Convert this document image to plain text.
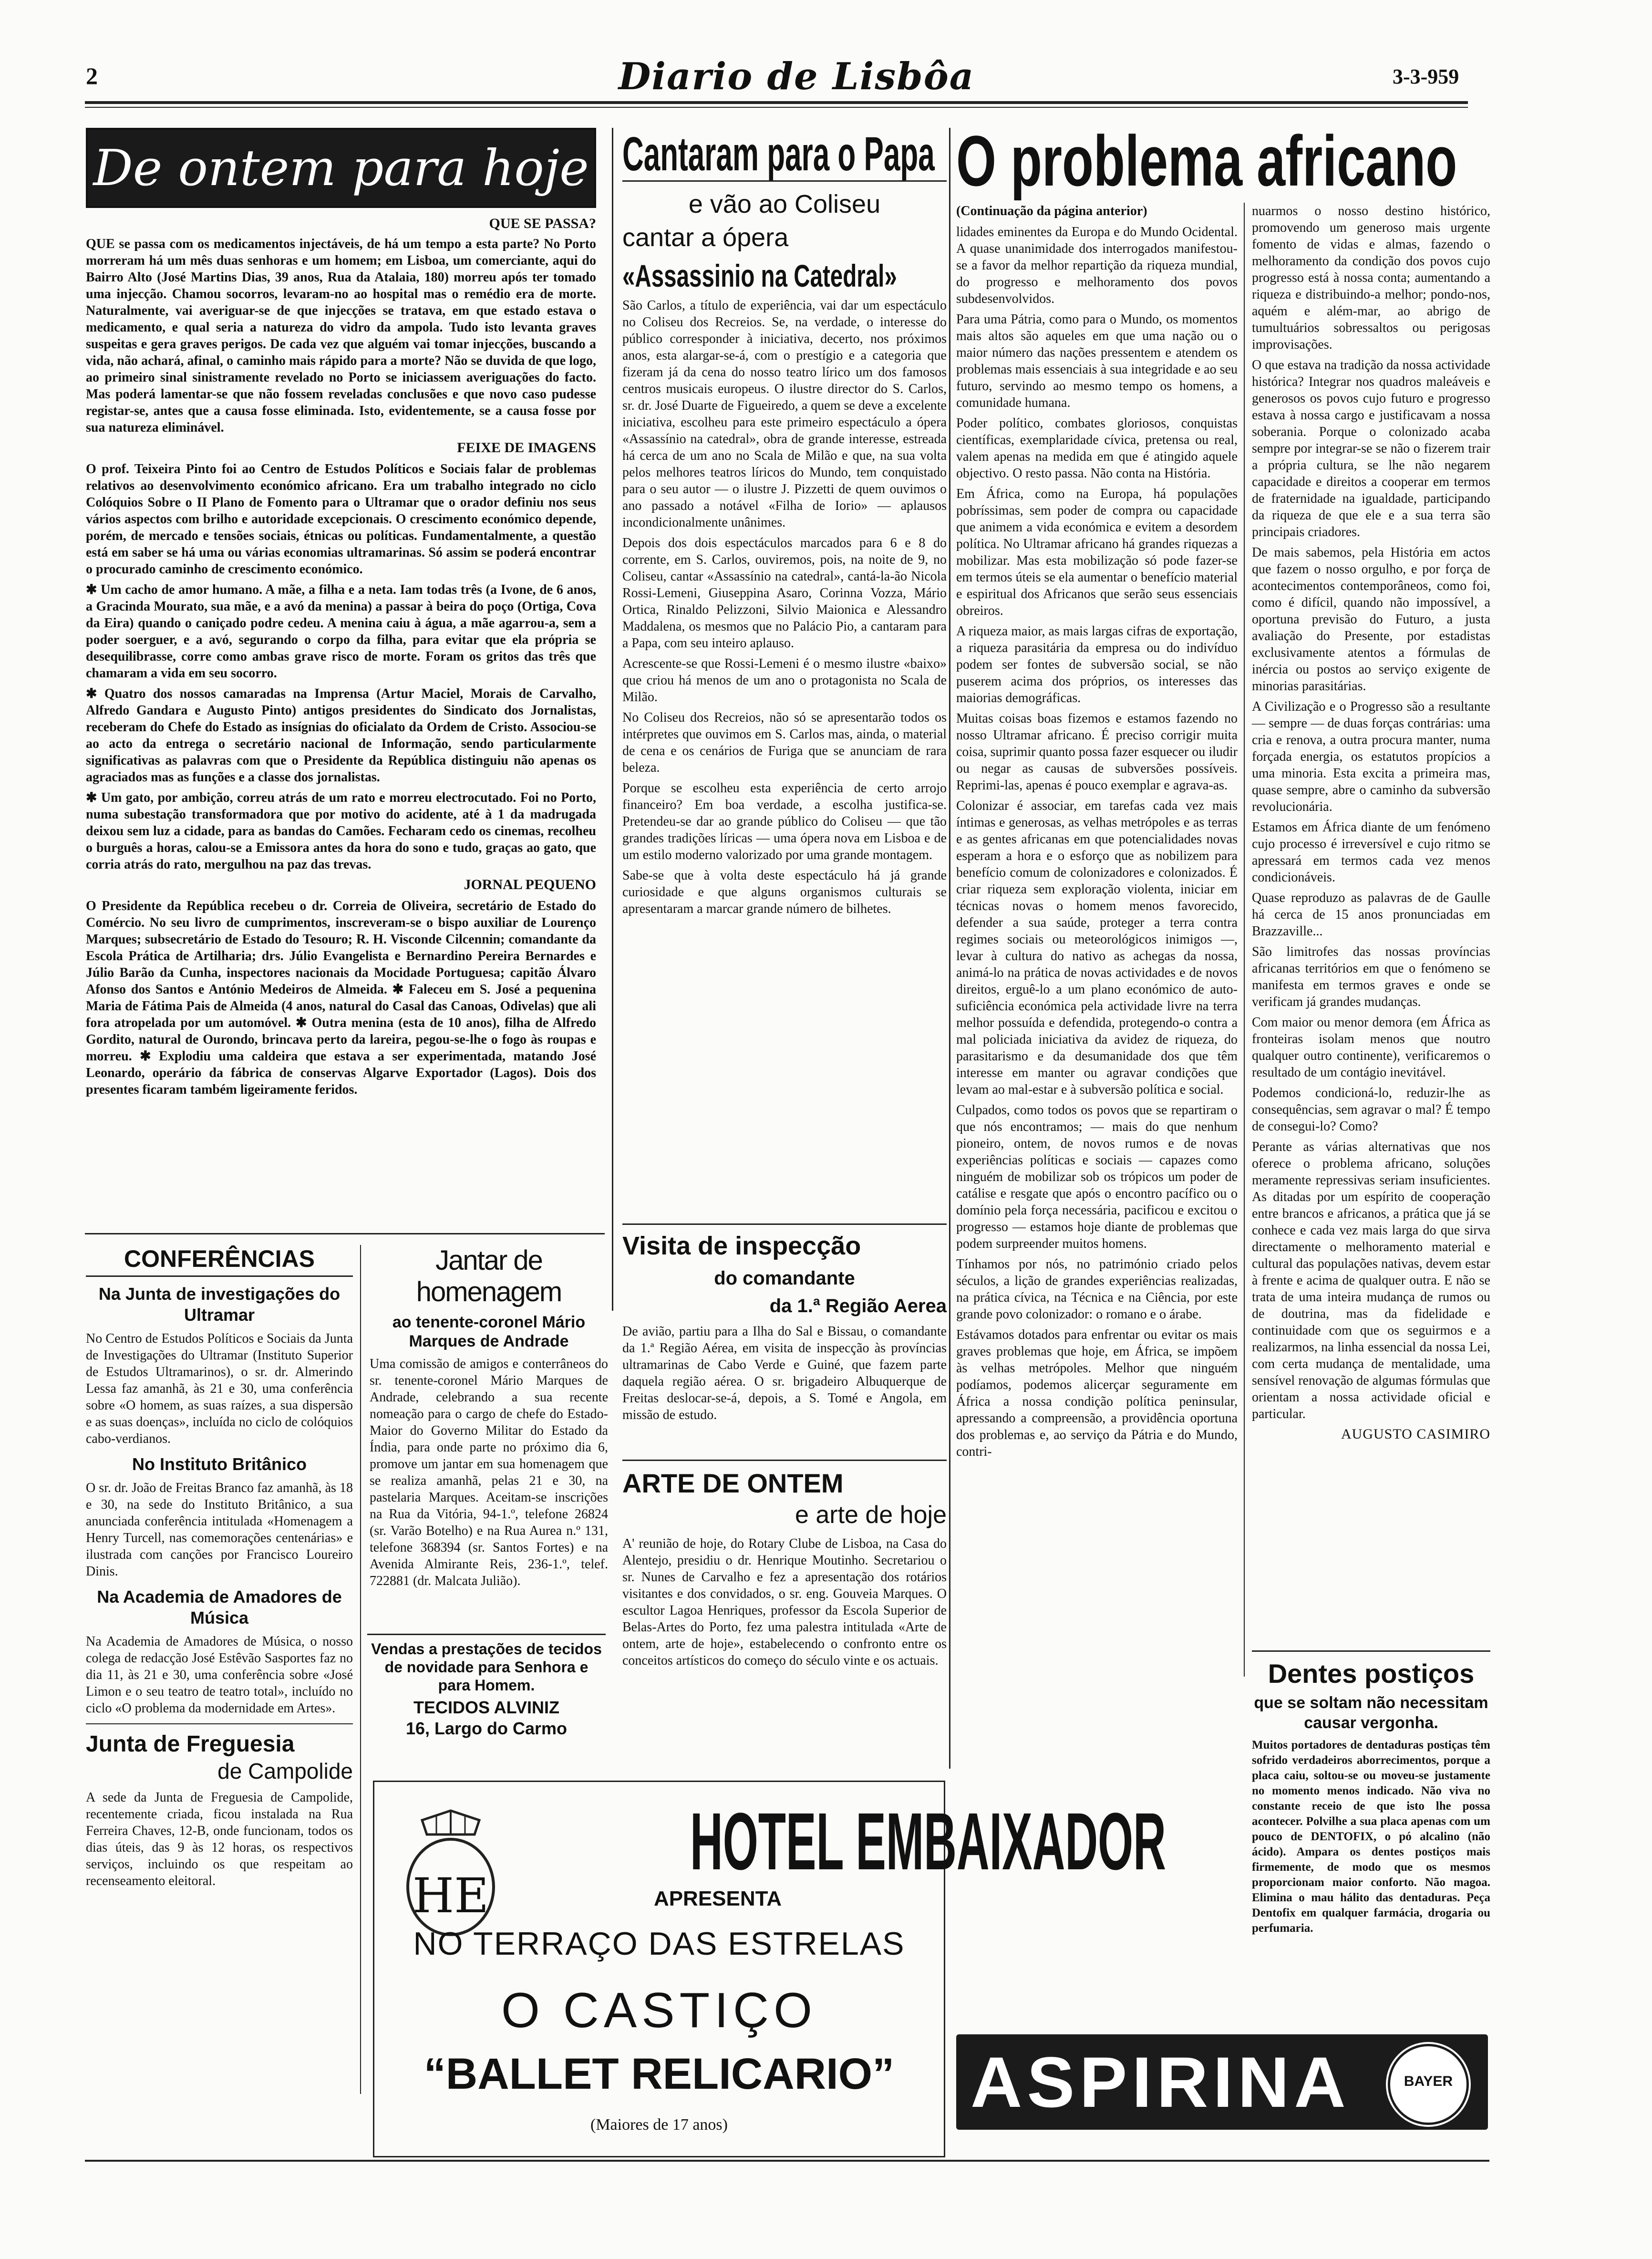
2	Diario de Lisbôa	3-3-959
De ontem para hoje
QUE SE PASSA?

QUE se passa com os medicamentos injectáveis, de há um tempo a esta parte? No Porto morreram há um mês duas senhoras e um homem; em Lisboa, um comerciante, aqui do Bairro Alto (José Martins Dias, 39 anos, Rua da Atalaia, 180) morreu após ter tomado uma injecção. Chamou socorros, levaram-no ao hospital mas o remédio era de morte. Naturalmente, vai averiguar-se de que injecções se tratava, em que estado estava o medicamento, e qual seria a natureza do vidro da ampola. Tudo isto levanta graves suspeitas e gera graves perigos. De cada vez que alguém vai tomar injecções, buscando a vida, não achará, afinal, o caminho mais rápido para a morte? Não se duvida de que logo, ao primeiro sinal sinistramente revelado no Porto se iniciassem averiguações do facto. Mas poderá lamentar-se que não fossem reveladas conclusões e que novo caso pudesse registar-se, antes que a causa fosse eliminada. Isto, evidentemente, se a causa fosse por sua natureza eliminável.

FEIXE DE IMAGENS

O prof. Teixeira Pinto foi ao Centro de Estudos Políticos e Sociais falar de problemas relativos ao desenvolvimento económico africano. Era um trabalho integrado no ciclo Colóquios Sobre o II Plano de Fomento para o Ultramar que o orador definiu nos seus vários aspectos com brilho e autoridade excepcionais. O crescimento económico depende, porém, de mercado e tensões sociais, étnicas ou políticas. Fundamentalmente, a questão está em saber se há uma ou várias economias ultramarinas. Só assim se poderá encontrar o procurado caminho de crescimento económico.

✱ Um cacho de amor humano. A mãe, a filha e a neta. Iam todas três (a Ivone, de 6 anos, a Gracinda Mourato, sua mãe, e a avó da menina) a passar à beira do poço (Ortiga, Cova da Eira) quando o caniçado podre cedeu. A menina caiu à água, a mãe agarrou-a, sem a poder soerguer, e a avó, segurando o corpo da filha, para evitar que ela própria se desequilibrasse, corre como ambas grave risco de morte. Foram os gritos das três que chamaram a vida em seu socorro.

✱ Quatro dos nossos camaradas na Imprensa (Artur Maciel, Morais de Carvalho, Alfredo Gandara e Augusto Pinto) antigos presidentes do Sindicato dos Jornalistas, receberam do Chefe do Estado as insígnias do oficialato da Ordem de Cristo. Associou-se ao acto da entrega o secretário nacional de Informação, sendo particularmente significativas as palavras com que o Presidente da República distinguiu não apenas os agraciados mas as funções e a classe dos jornalistas.

✱ Um gato, por ambição, correu atrás de um rato e morreu electrocutado. Foi no Porto, numa subestação transformadora que por motivo do acidente, até à 1 da madrugada deixou sem luz a cidade, para as bandas do Camões. Fecharam cedo os cinemas, recolheu o burguês a horas, calou-se a Emissora antes da hora do sono e tudo, graças ao gato, que corria atrás do rato, mergulhou na paz das trevas.

JORNAL PEQUENO

O Presidente da República recebeu o dr. Correia de Oliveira, secretário de Estado do Comércio. No seu livro de cumprimentos, inscreveram-se o bispo auxiliar de Lourenço Marques; subsecretário de Estado do Tesouro; R. H. Visconde Cilcennin; comandante da Escola Prática de Artilharia; drs. Júlio Evangelista e Bernardino Pereira Bernardes e Júlio Barão da Cunha, inspectores nacionais da Mocidade Portuguesa; capitão Álvaro Afonso dos Santos e António Medeiros de Almeida. ✱ Faleceu em S. José a pequenina Maria de Fátima Pais de Almeida (4 anos, natural do Casal das Canoas, Odivelas) que ali fora atropelada por um automóvel. ✱ Outra menina (esta de 10 anos), filha de Alfredo Gordito, natural de Ourondo, brincava perto da lareira, pegou-se-lhe o fogo às roupas e morreu. ✱ Explodiu uma caldeira que estava a ser experimentada, matando José Leonardo, operário da fábrica de conservas Algarve Exportador (Lagos). Dois dos presentes ficaram também ligeiramente feridos.

CONFERÊNCIAS
Na Junta de investigações do Ultramar

No Centro de Estudos Políticos e Sociais da Junta de Investigações do Ultramar (Instituto Superior de Estudos Ultramarinos), o sr. dr. Almerindo Lessa faz amanhã, às 21 e 30, uma conferência sobre «O homem, as suas raízes, a sua dispersão e as suas doenças», incluída no ciclo de colóquios cabo-verdianos.

No Instituto Britânico

O sr. dr. João de Freitas Branco faz amanhã, às 18 e 30, na sede do Instituto Britânico, a sua anunciada conferência intitulada «Homenagem a Henry Turcell, nas comemorações centenárias» e ilustrada com canções por Francisco Loureiro Dinis.

Na Academia de Amadores de Música

Na Academia de Amadores de Música, o nosso colega de redacção José Estêvão Sasportes faz no dia 11, às 21 e 30, uma conferência sobre «José Limon e o seu teatro de teatro total», incluído no ciclo «O problema da modernidade em Artes».

Junta de Freguesia
de Campolide

A sede da Junta de Freguesia de Campolide, recentemente criada, ficou instalada na Rua Ferreira Chaves, 12-B, onde funcionam, todos os dias úteis, das 9 às 12 horas, os respectivos serviços, incluindo os que respeitam ao recenseamento eleitoral.

Jantar de homenagem
ao tenente-coronel Mário Marques de Andrade

Uma comissão de amigos e conterrâneos do sr. tenente-coronel Mário Marques de Andrade, celebrando a sua recente nomeação para o cargo de chefe do Estado-Maior do Governo Militar do Estado da Índia, para onde parte no próximo dia 6, promove um jantar em sua homenagem que se realiza amanhã, pelas 21 e 30, na pastelaria Marques. Aceitam-se inscrições na Rua da Vitória, 94-1.º, telefone 26824 (sr. Varão Botelho) e na Rua Aurea n.º 131, telefone 368394 (sr. Santos Fortes) e na Avenida Almirante Reis, 236-1.º, telef. 722881 (dr. Malcata Julião).

Vendas a prestações de tecidos de novidade para Senhora e para Homem.
TECIDOS ALVINIZ
16, Largo do Carmo
Cantaram para o Papa
e vão ao Coliseu
cantar a ópera
«Assassinio na Catedral»

São Carlos, a título de experiência, vai dar um espectáculo no Coliseu dos Recreios. Se, na verdade, o interesse do público corresponder à iniciativa, decerto, nos próximos anos, esta alargar-se-á, com o prestígio e a categoria que fizeram já da cena do nosso teatro lírico um dos famosos centros musicais europeus. O ilustre director do S. Carlos, sr. dr. José Duarte de Figueiredo, a quem se deve a excelente iniciativa, escolheu para este primeiro espectáculo a ópera «Assassínio na catedral», obra de grande interesse, estreada há cerca de um ano no Scala de Milão e que, na sua volta pelos melhores teatros líricos do Mundo, tem conquistado para o seu autor — o ilustre J. Pizzetti de quem ouvimos o ano passado a notável «Filha de Iorio» — aplausos incondicionalmente unânimes.

Depois dos dois espectáculos marcados para 6 e 8 do corrente, em S. Carlos, ouviremos, pois, na noite de 9, no Coliseu, cantar «Assassínio na catedral», cantá-la-ão Nicola Rossi-Lemeni, Giuseppina Asaro, Corinna Vozza, Mário Ortica, Rinaldo Pelizzoni, Silvio Maionica e Alessandro Maddalena, os mesmos que no Palácio Pio, a cantaram para a Papa, com seu inteiro aplauso.

Acrescente-se que Rossi-Lemeni é o mesmo ilustre «baixo» que criou há menos de um ano o protagonista no Scala de Milão.

No Coliseu dos Recreios, não só se apresentarão todos os intérpretes que ouvimos em S. Carlos mas, ainda, o material de cena e os cenários de Furiga que se anunciam de rara beleza.

Porque se escolheu esta experiência de certo arrojo financeiro? Em boa verdade, a escolha justifica-se. Pretendeu-se dar ao grande público do Coliseu — que tão grandes tradições líricas — uma ópera nova em Lisboa e de um estilo moderno valorizado por uma grande montagem.

Sabe-se que à volta deste espectáculo há já grande curiosidade e que alguns organismos culturais se apresentaram a marcar grande número de bilhetes.

Visita de inspecção
do comandante
da 1.ª Região Aerea

De avião, partiu para a Ilha do Sal e Bissau, o comandante da 1.ª Região Aérea, em visita de inspecção às províncias ultramarinas de Cabo Verde e Guiné, que fazem parte daquela região aérea. O sr. brigadeiro Albuquerque de Freitas deslocar-se-á, depois, a S. Tomé e Angola, em missão de estudo.

ARTE DE ONTEM
e arte de hoje

A' reunião de hoje, do Rotary Clube de Lisboa, na Casa do Alentejo, presidiu o dr. Henrique Moutinho. Secretariou o sr. Nunes de Carvalho e fez a apresentação dos rotários visitantes e dos convidados, o sr. eng. Gouveia Marques. O escultor Lagoa Henriques, professor da Escola Superior de Belas-Artes do Porto, fez uma palestra intitulada «Arte de ontem, arte de hoje», estabelecendo o confronto entre os conceitos artísticos do começo do século vinte e os actuais.

HE
HOTEL EMBAIXADOR
APRESENTA
NO TERRAÇO DAS ESTRELAS
O CASTIÇO
“BALLET RELICARIO”
(Maiores de 17 anos)
O problema africano
(Continuação da página anterior)

lidades eminentes da Europa e do Mundo Ocidental. A quase unanimidade dos interrogados manifestou-se a favor da melhor repartição da riqueza mundial, do progresso e melhoramento dos povos subdesenvolvidos.

Para uma Pátria, como para o Mundo, os momentos mais altos são aqueles em que uma nação ou o maior número das nações pressentem e atendem os problemas mais essenciais à sua integridade e ao seu futuro, servindo ao mesmo tempo os homens, a comunidade humana.

Poder político, combates gloriosos, conquistas científicas, exemplaridade cívica, pretensa ou real, valem apenas na medida em que é atingido aquele objectivo. O resto passa. Não conta na História.

Em África, como na Europa, há populações pobríssimas, sem poder de compra ou capacidade que animem a vida económica e evitem a desordem política. No Ultramar africano há grandes riquezas a mobilizar. Mas esta mobilização só pode fazer-se em termos úteis se ela aumentar o benefício material e espiritual dos Africanos que serão seus essenciais obreiros.

A riqueza maior, as mais largas cifras de exportação, a riqueza parasitária da empresa ou do indivíduo podem ser fontes de subversão social, se não puserem acima dos próprios, os interesses das maiorias demográficas.

Muitas coisas boas fizemos e estamos fazendo no nosso Ultramar africano. É preciso corrigir muita coisa, suprimir quanto possa fazer esquecer ou iludir ou negar as causas de subversões possíveis. Reprimi-las, apenas é pouco exemplar e agrava-as.

Colonizar é associar, em tarefas cada vez mais íntimas e generosas, as velhas metrópoles e as terras e as gentes africanas em que potencialidades novas esperam a hora e o esforço que as nobilizem para benefício comum de colonizadores e colonizados. É criar riqueza sem exploração violenta, iniciar em técnicas novas o homem menos favorecido, defender a sua saúde, proteger a terra contra regimes sociais ou meteorológicos inimigos —, levar à cultura do nativo as achegas da nossa, animá-lo na prática de novas actividades e de novos direitos, erguê-lo a um plano económico de auto-suficiência económica pela actividade livre na terra melhor possuída e defendida, protegendo-o contra a mal policiada iniciativa da avidez de riqueza, do parasitarismo e da desumanidade dos que têm interesse em manter ou agravar condições que levam ao mal-estar e à subversão política e social.

Culpados, como todos os povos que se repartiram o que nós encontramos; — mais do que nenhum pioneiro, ontem, de novos rumos e de novas experiências políticas e sociais — capazes como ninguém de mobilizar sob os trópicos um poder de catálise e resgate que após o encontro pacífico ou o domínio pela força necessária, pacificou e excitou o progresso — estamos hoje diante de problemas que podem surpreender muitos homens.

Tínhamos por nós, no património criado pelos séculos, a lição de grandes experiências realizadas, na prática cívica, na Técnica e na Ciência, por este grande povo colonizador: o romano e o árabe.

Estávamos dotados para enfrentar ou evitar os mais graves problemas que hoje, em África, se impõem às velhas metrópoles. Melhor que ninguém podíamos, podemos alicerçar seguramente em África a nossa condição política peninsular, apressando a compreensão, a providência oportuna dos problemas e, ao serviço da Pátria e do Mundo, contri-

nuarmos o nosso destino histórico, promovendo um generoso mais urgente fomento de vidas e almas, fazendo o melhoramento da condição dos povos cujo progresso está à nossa conta; aumentando a riqueza e distribuindo-a melhor; pondo-nos, aquém e além-mar, ao abrigo de tumultuários sobressaltos ou perigosas improvisações.

O que estava na tradição da nossa actividade histórica? Integrar nos quadros maleáveis e generosos os povos cujo futuro e progresso estava à nossa cargo e justificavam a nossa soberania. Porque o colonizado acaba sempre por integrar-se se não o fizerem trair a própria cultura, se lhe não negarem capacidade e direitos a cooperar em termos de fraternidade na igualdade, participando da riqueza de que ele e a sua terra são principais criadores.

De mais sabemos, pela História em actos que fazem o nosso orgulho, e por força de acontecimentos contemporâneos, como foi, como é difícil, quando não impossível, a oportuna previsão do Futuro, a justa avaliação do Presente, por estadistas exclusivamente atentos a fórmulas de inércia ou postos ao serviço exigente de minorias parasitárias.

A Civilização e o Progresso são a resultante — sempre — de duas forças contrárias: uma cria e renova, a outra procura manter, numa forçada energia, os estatutos propícios a uma minoria. Esta excita a primeira mas, quase sempre, abre o caminho da subversão revolucionária.

Estamos em África diante de um fenómeno cujo processo é irreversível e cujo ritmo se apressará em termos cada vez menos condicionáveis.

Quase reproduzo as palavras de de Gaulle há cerca de 15 anos pronunciadas em Brazzaville...

São limitrofes das nossas províncias africanas territórios em que o fenómeno se manifesta em termos graves e onde se verificam já grandes mudanças.

Com maior ou menor demora (em África as fronteiras isolam menos que noutro qualquer outro continente), verificaremos o resultado de um contágio inevitável.

Podemos condicioná-lo, reduzir-lhe as consequências, sem agravar o mal? É tempo de consegui-lo? Como?

Perante as várias alternativas que nos oferece o problema africano, soluções meramente repressivas seriam insuficientes. As ditadas por um espírito de cooperação entre brancos e africanos, a prática que já se conhece e cada vez mais larga do que sirva directamente o melhoramento material e cultural das populações nativas, devem estar à frente e acima de qualquer outra. E não se trata de uma inteira mudança de rumos ou de doutrina, mas da fidelidade e continuidade com que os seguirmos e a realizarmos, na linha essencial da nossa Lei, com certa mudança de mentalidade, uma sensível renovação de algumas fórmulas que orientam a nossa actividade oficial e particular.

AUGUSTO CASIMIRO
Dentes postiços
que se soltam não necessitam causar vergonha.

Muitos portadores de dentaduras postiças têm sofrido verdadeiros aborrecimentos, porque a placa caiu, soltou-se ou moveu-se justamente no momento menos indicado. Não viva no constante receio de que isto lhe possa acontecer. Polvilhe a sua placa apenas com um pouco de DENTOFIX, o pó alcalino (não ácido). Ampara os dentes postiços mais firmemente, de modo que os mesmos proporcionam maior conforto. Não magoa. Elimina o mau hálito das dentaduras. Peça Dentofix em qualquer farmácia, drogaria ou perfumaria.

ASPIRINA	BAYER
